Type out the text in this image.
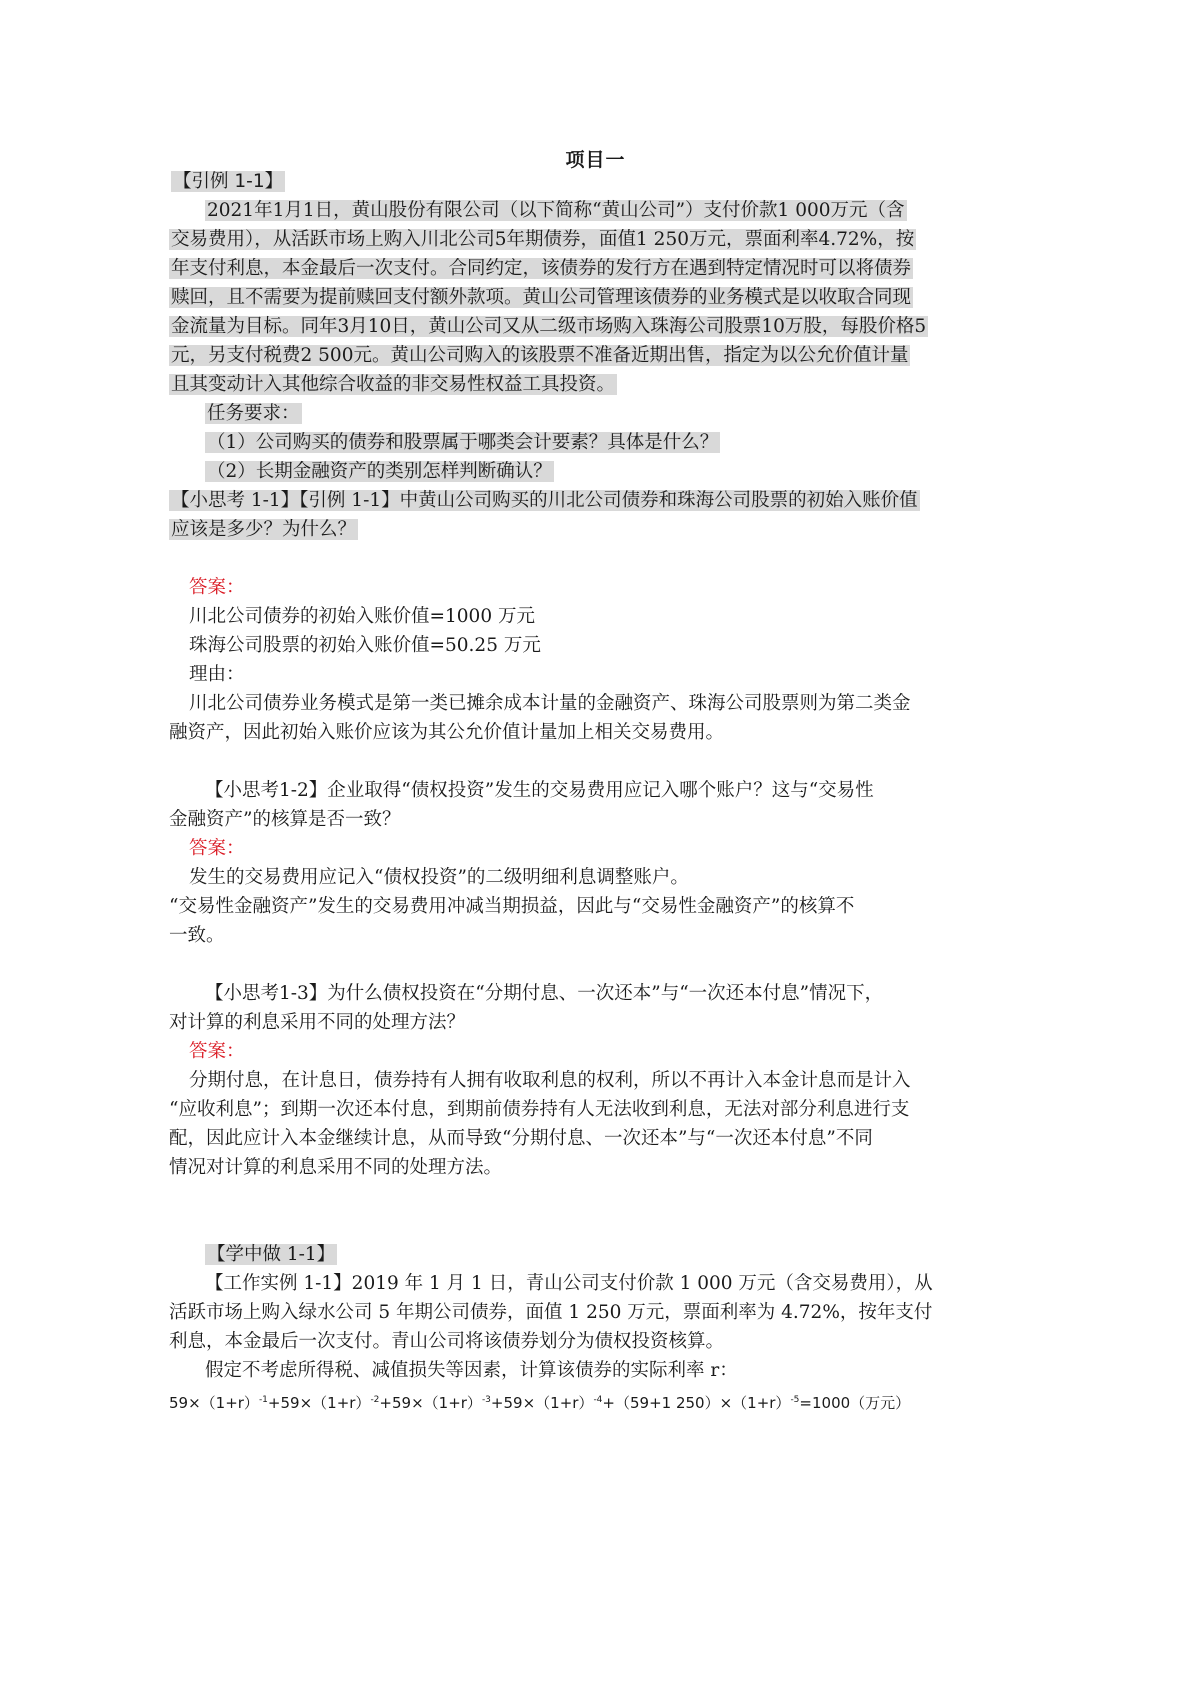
项目一
【引例 1-1】
2021年1月1日，黄山股份有限公司（以下简称“黄山公司”）支付价款1 000万元（含
交易费用），从活跃市场上购入川北公司5年期债券，面值1 250万元，票面利率4.72%，按
年支付利息，本金最后一次支付。合同约定，该债券的发行方在遇到特定情况时可以将债券
赎回，且不需要为提前赎回支付额外款项。黄山公司管理该债券的业务模式是以收取合同现
金流量为目标。同年3月10日，黄山公司又从二级市场购入珠海公司股票10万股，每股价格5
元，另支付税费2 500元。黄山公司购入的该股票不准备近期出售，指定为以公允价值计量
且其变动计入其他综合收益的非交易性权益工具投资。
任务要求：
（1）公司购买的债券和股票属于哪类会计要素？具体是什么？
（2）长期金融资产的类别怎样判断确认？
【小思考 1-1】【引例 1-1】中黄山公司购买的川北公司债券和珠海公司股票的初始入账价值
应该是多少？为什么？
答案：
川北公司债券的初始入账价值=1000 万元
珠海公司股票的初始入账价值=50.25 万元
理由：
川北公司债券业务模式是第一类已摊余成本计量的金融资产、珠海公司股票则为第二类金
融资产，因此初始入账价应该为其公允价值计量加上相关交易费用。
【小思考1-2】企业取得“债权投资”发生的交易费用应记入哪个账户？这与“交易性
金融资产”的核算是否一致？
答案：
发生的交易费用应记入“债权投资”的二级明细利息调整账户。
“交易性金融资产”发生的交易费用冲减当期损益，因此与“交易性金融资产”的核算不
一致。
【小思考1-3】为什么债权投资在“分期付息、一次还本”与“一次还本付息”情况下，
对计算的利息采用不同的处理方法？
答案：
分期付息，在计息日，债券持有人拥有收取利息的权利，所以不再计入本金计息而是计入
“应收利息”；到期一次还本付息，到期前债券持有人无法收到利息，无法对部分利息进行支
配，因此应计入本金继续计息，从而导致“分期付息、一次还本”与“一次还本付息”不同
情况对计算的利息采用不同的处理方法。
【学中做 1-1】
【工作实例 1-1】2019 年 1 月 1 日，青山公司支付价款 1 000 万元（含交易费用），从
活跃市场上购入绿水公司 5 年期公司债券，面值 1 250 万元，票面利率为 4.72%，按年支付
利息，本金最后一次支付。青山公司将该债券划分为债权投资核算。
假定不考虑所得税、减值损失等因素，计算该债券的实际利率 r：
$59\times(1+r)^{-1}+59\times(1+r)^{-2}+59\times(1+r)^{-3}+59\times(1+r)^{-4}+(59+1$ $250)\times(1+r)^{-5}=1000$（万元）
